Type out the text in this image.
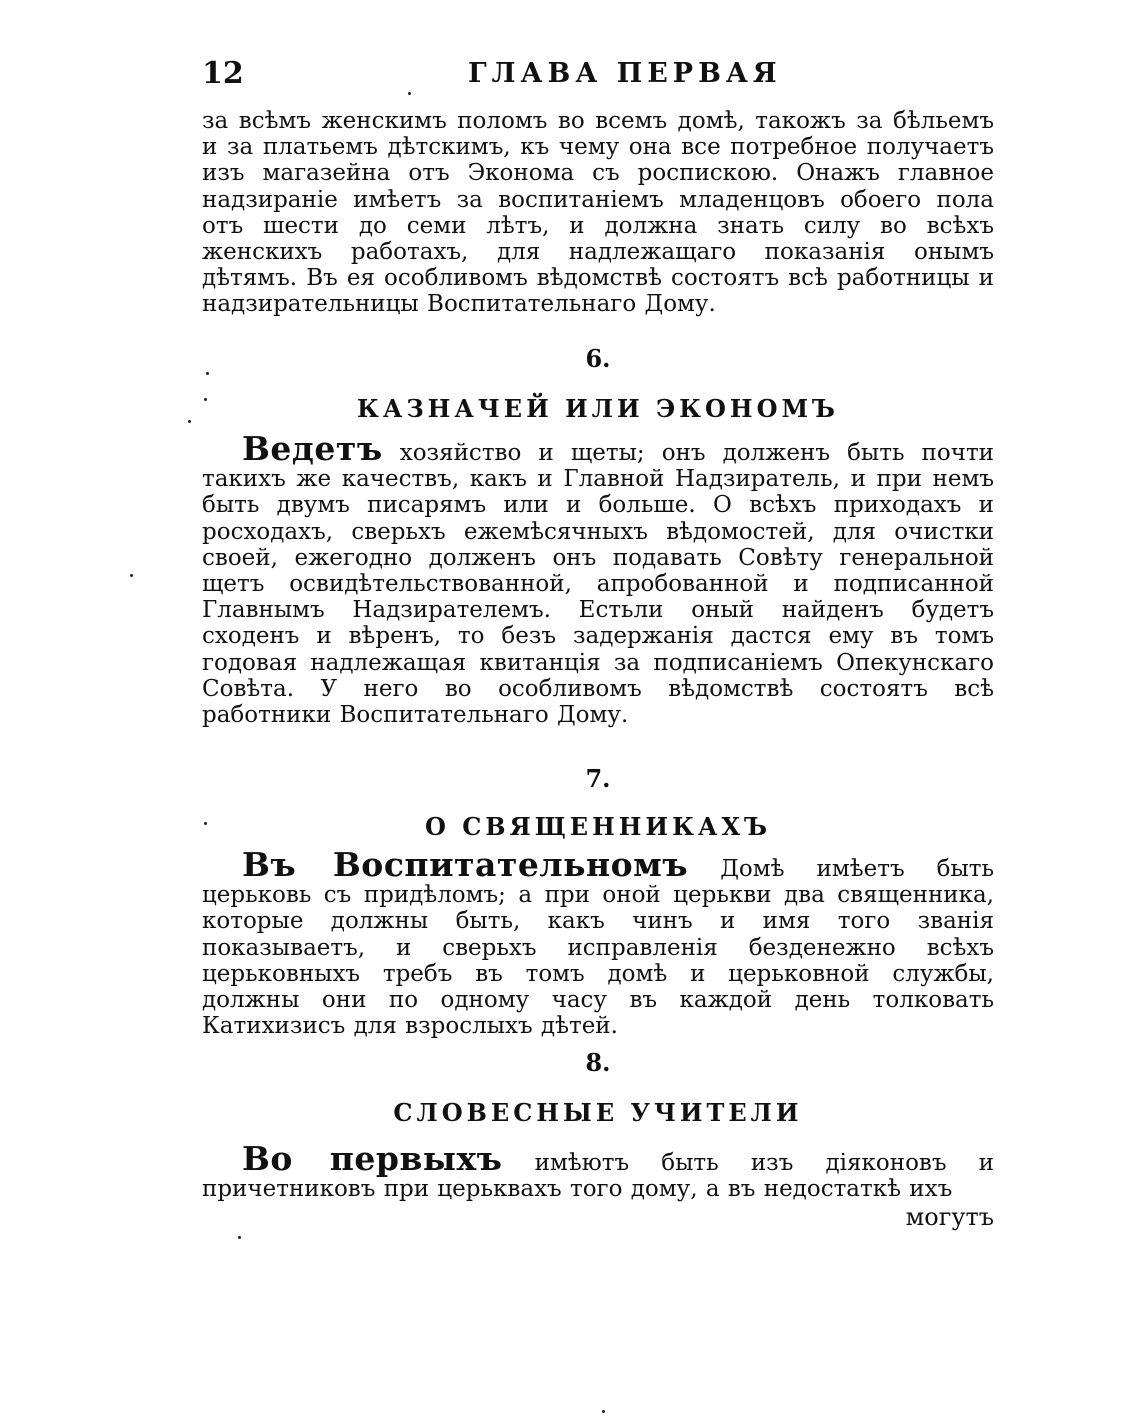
12	ГЛАВА ПЕРВАЯ

за всѣмъ женскимъ поломъ во всемъ домѣ, такожъ за бѣльемъ и за платьемъ дѣтскимъ, къ чему она все потребное получаетъ изъ магазейна отъ Эконома съ роспискою. Онажъ главное надзираніе имѣетъ за воспитаніемъ младенцовъ обоего пола отъ шести до семи лѣтъ, и должна знать силу во всѣхъ женскихъ работахъ, для надлежащаго показанія онымъ дѣтямъ. Въ ея особливомъ вѣдомствѣ состоятъ всѣ работницы и надзирательницы Воспитательнаго Дому.

6.
КАЗНАЧЕЙ ИЛИ ЭКОНОМЪ

Ведетъ хозяйство и щеты; онъ долженъ быть почти такихъ же качествъ, какъ и Главной Надзиратель, и при немъ быть двумъ писарямъ или и больше. О всѣхъ приходахъ и росходахъ, сверьхъ ежемѣсячныхъ вѣдомостей, для очистки своей, ежегодно долженъ онъ подавать Совѣту генеральной щетъ освидѣтельствованной, апробованной и подписанной Главнымъ Надзирателемъ. Естьли оный найденъ будетъ сходенъ и вѣренъ, то безъ задержанія дастся ему въ томъ годовая надлежащая квитанція за подписаніемъ Опекунскаго Совѣта. У него во особливомъ вѣдомствѣ состоятъ всѣ работники Воспитательнаго Дому.

7.
О СВЯЩЕННИКАХЪ

Въ Воспитательномъ Домѣ имѣетъ быть церьковь съ придѣломъ; а при оной церькви два священника, которые должны быть, какъ чинъ и имя того званія показываетъ, и сверьхъ исправленія безденежно всѣхъ церьковныхъ требъ въ томъ домѣ и церьковной службы, должны они по одному часу въ каждой день толковать Катихизисъ для взрослыхъ дѣтей.

8.
СЛОВЕСНЫЕ УЧИТЕЛИ

Во первыхъ имѣютъ быть изъ діяконовъ и причетниковъ при церьквахъ того дому, а въ недостаткѣ ихъ

могутъ
